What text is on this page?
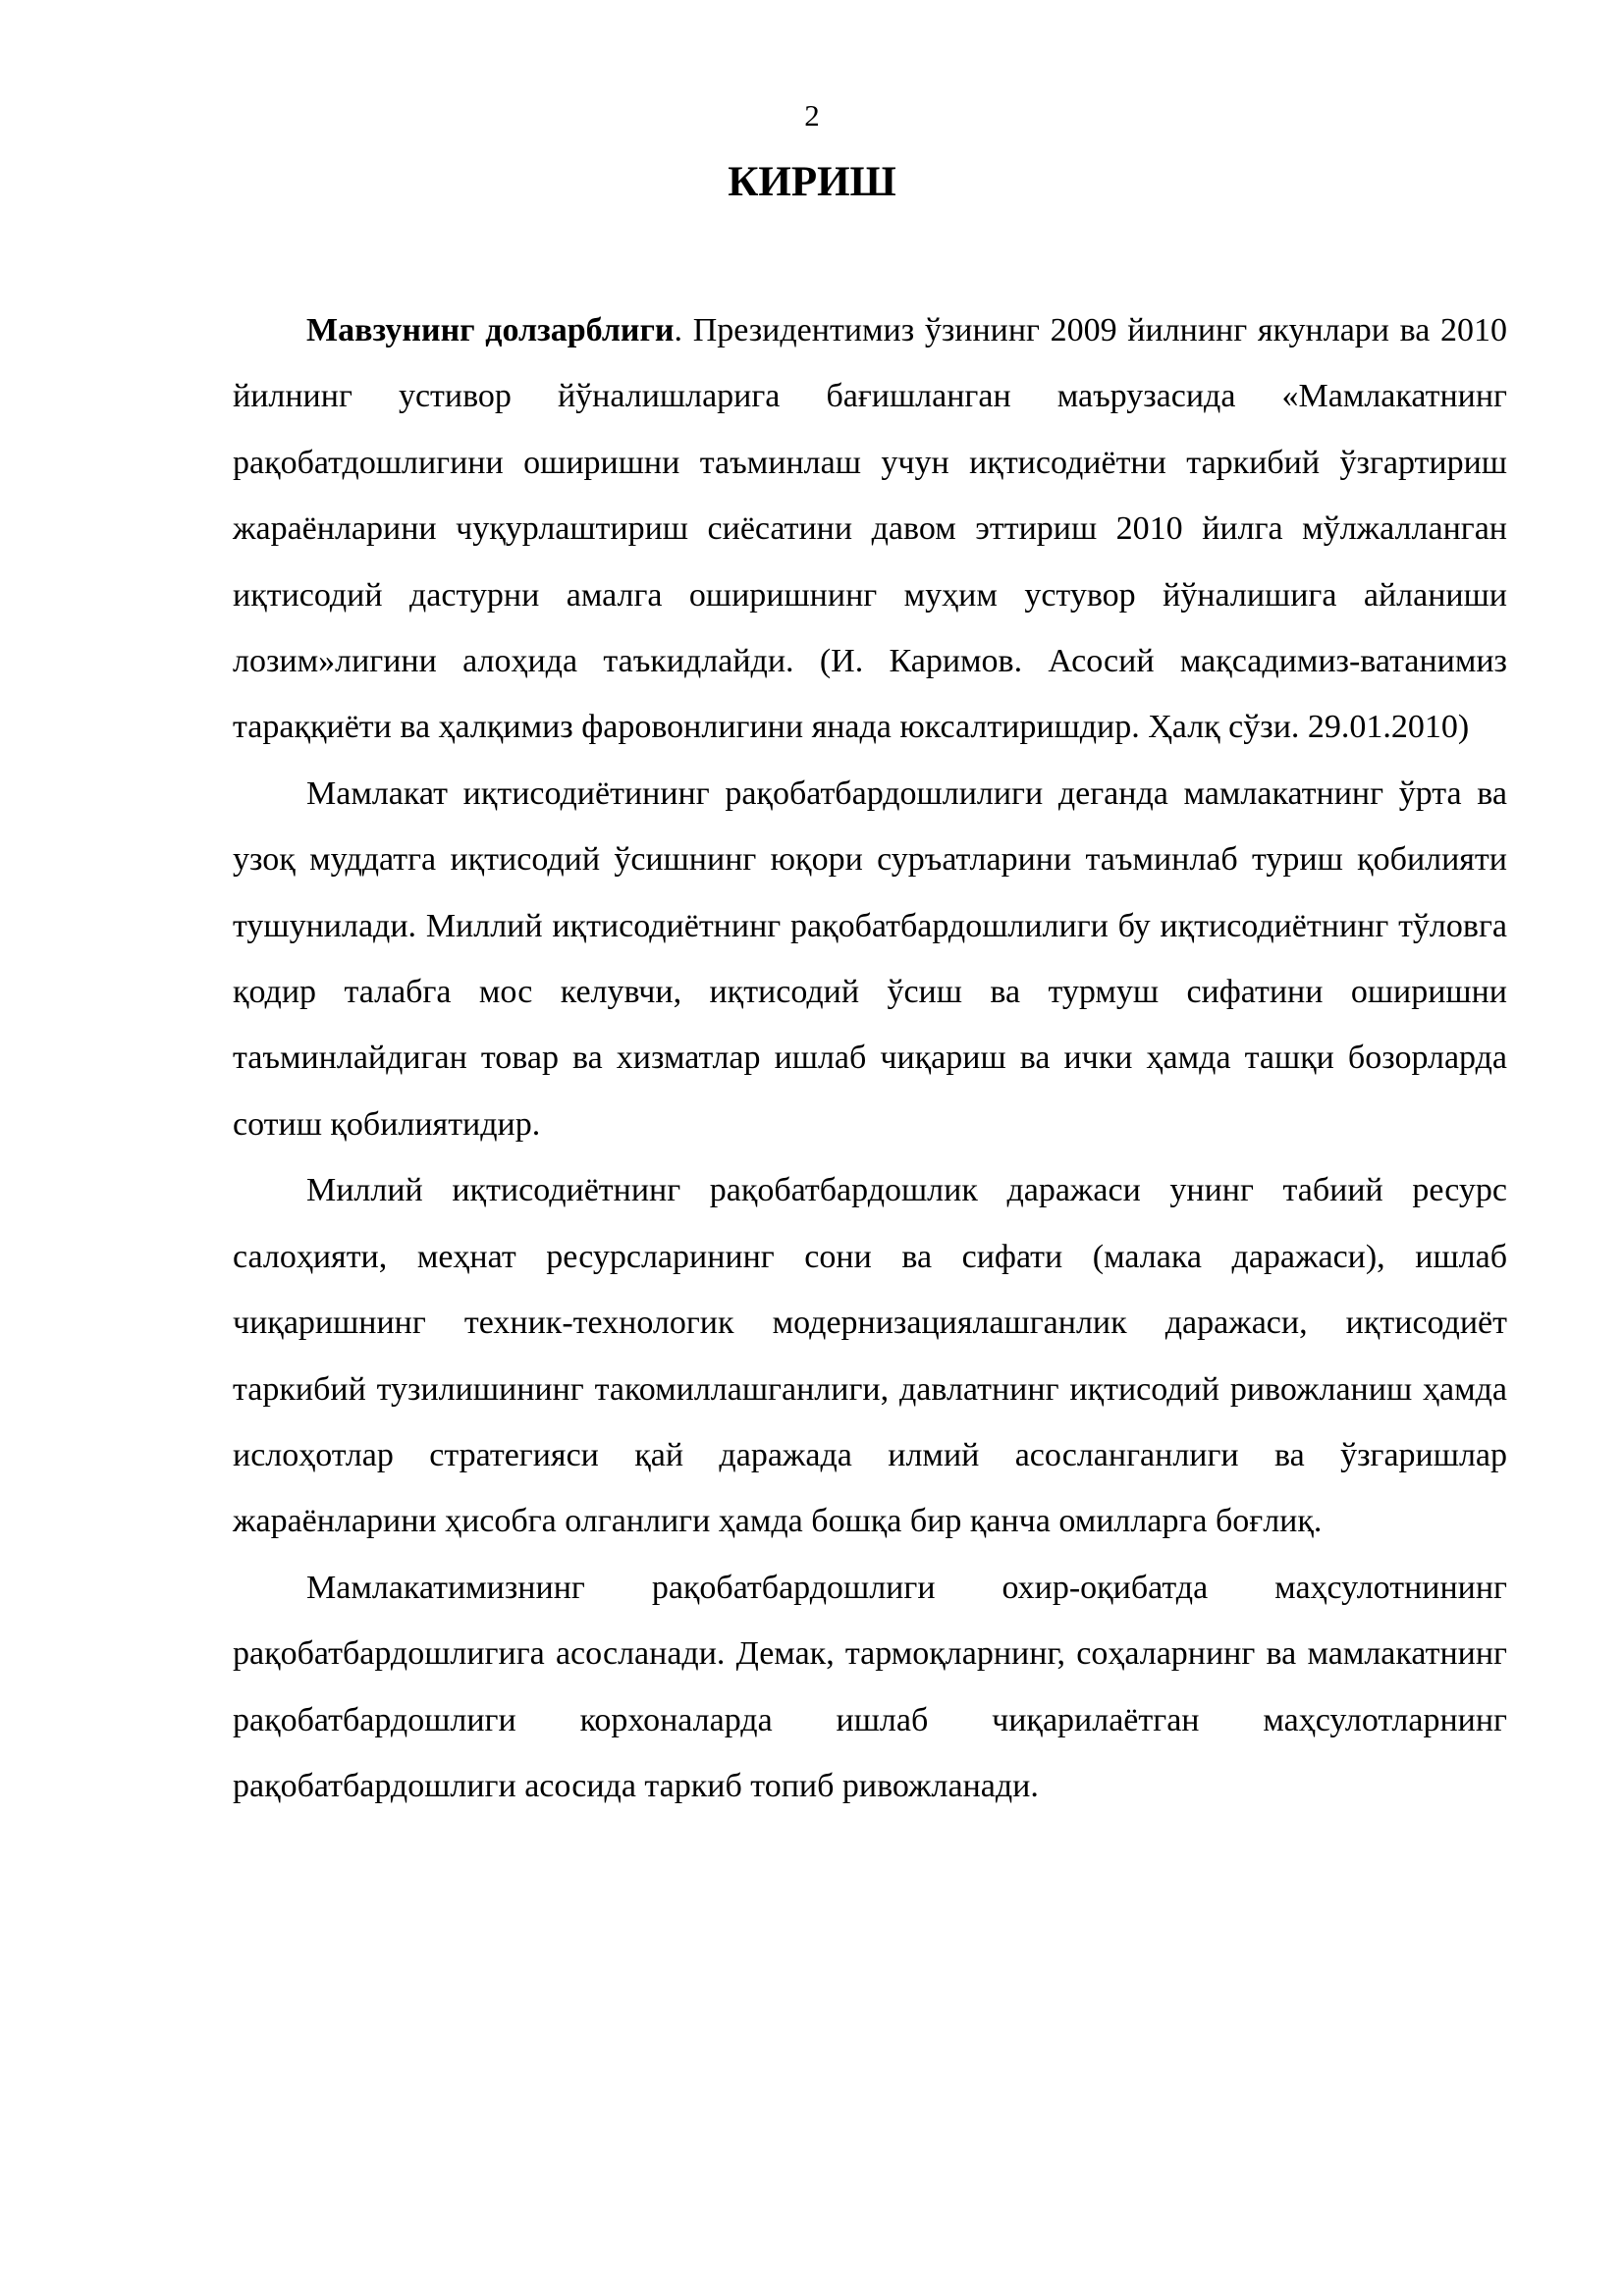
2
КИРИШ

Мавзунинг долзарблиги. Президентимиз ўзининг 2009 йилнинг якунлари ва 2010 йилнинг устивор йўналишларига бағишланган маърузасида «Мамлакатнинг рақобатдошлигини оширишни таъминлаш учун иқтисодиётни таркибий ўзгартириш жараёнларини чуқурлаштириш сиёсатини давом эттириш 2010 йилга мўлжалланган иқтисодий дастурни амалга оширишнинг муҳим устувор йўналишига айланиши лозим»лигини алоҳида таъкидлайди. (И. Каримов. Асосий мақсадимиз-ватанимиз тараққиёти ва ҳалқимиз фаровонлигини янада юксалтиришдир. Ҳалқ сўзи. 29.01.2010)

Мамлакат иқтисодиётининг рақобатбардошлилиги деганда мамлакатнинг ўрта ва узоқ муддатга иқтисодий ўсишнинг юқори суръатларини таъминлаб туриш қобилияти тушунилади. Миллий иқтисодиётнинг рақобатбардошлилиги бу иқтисодиётнинг тўловга қодир талабга мос келувчи, иқтисодий ўсиш ва турмуш сифатини оширишни таъминлайдиган товар ва хизматлар ишлаб чиқариш ва ички ҳамда ташқи бозорларда сотиш қобилиятидир.

Миллий иқтисодиётнинг рақобатбардошлик даражаси унинг табиий ресурс салоҳияти, меҳнат ресурсларининг сони ва сифати (малака даражаси), ишлаб чиқаришнинг техник-технологик модернизациялашганлик даражаси, иқтисодиёт таркибий тузилишининг такомиллашганлиги, давлатнинг иқтисодий ривожланиш ҳамда ислоҳотлар стратегияси қай даражада илмий асосланганлиги ва ўзгаришлар жараёнларини ҳисобга олганлиги ҳамда бошқа бир қанча омилларга боғлиқ.

Мамлакатимизнинг рақобатбардошлиги охир-оқибатда маҳсулотнининг рақобатбардошлигига асосланади. Демак, тармоқларнинг, соҳаларнинг ва мамлакатнинг рақобатбардошлиги корхоналарда ишлаб чиқарилаётган маҳсулотларнинг рақобатбардошлиги асосида таркиб топиб ривожланади.
